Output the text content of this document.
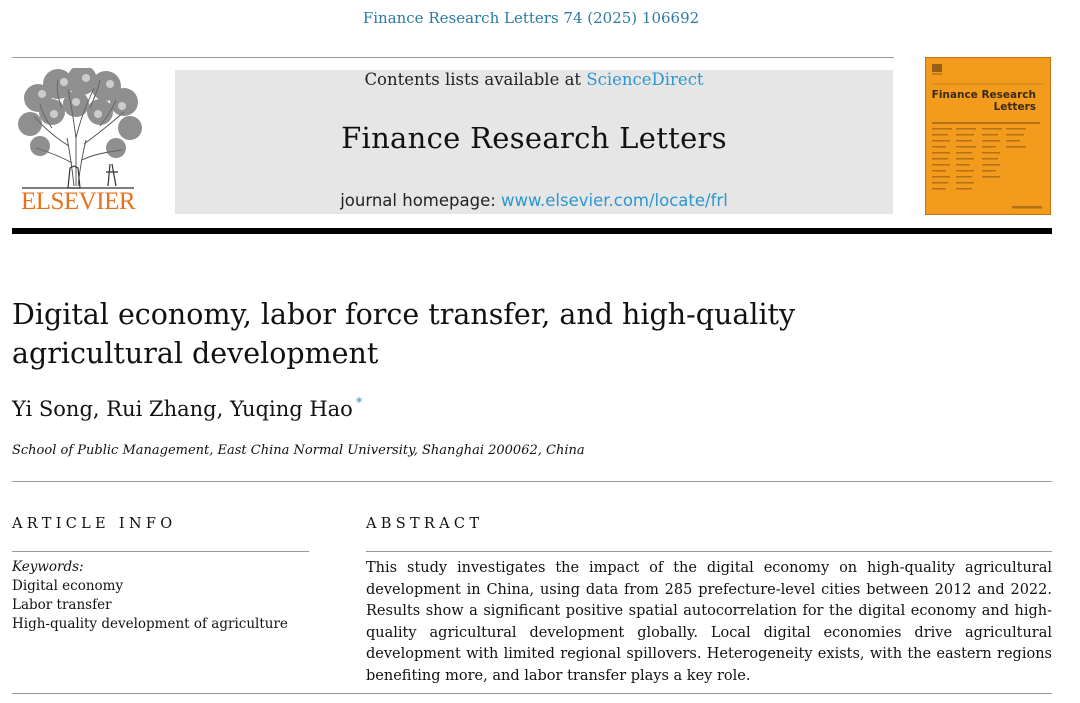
Finance Research Letters 74 (2025) 106692
ELSEVIER
Contents lists available at ScienceDirect
Finance Research Letters
journal homepage: www.elsevier.com/locate/frl
Finance Research
Letters
Digital economy, labor force transfer, and high-quality
agricultural development
Yi Song, Rui Zhang, Yuqing Hao *
School of Public Management, East China Normal University, Shanghai 200062, China
ARTICLE INFO
Keywords:
Digital economy
Labor transfer
High-quality development of agriculture
ABSTRACT
This study investigates the impact of the digital economy on high-quality agricultural development in China, using data from 285 prefecture-level cities between 2012 and 2022. Results show a significant positive spatial autocorrelation for the digital economy and high-quality agricultural development globally. Local digital economies drive agricultural development with limited regional spillovers. Heterogeneity exists, with the eastern regions benefiting more, and labor transfer plays a key role.
